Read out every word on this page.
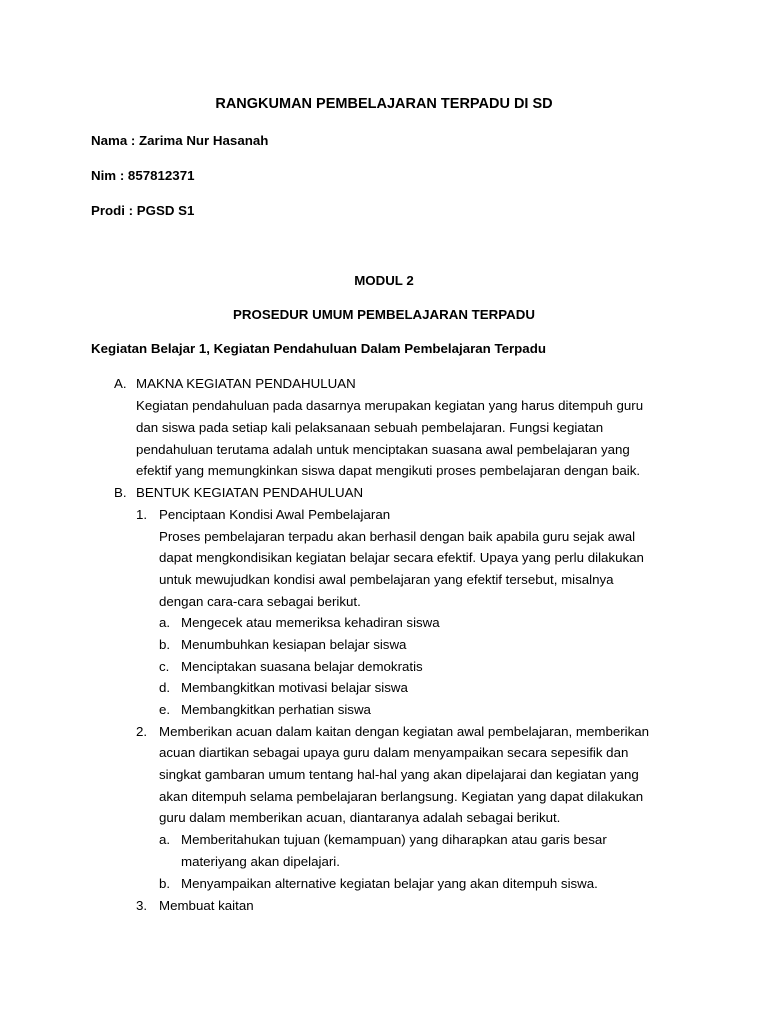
RANGKUMAN PEMBELAJARAN TERPADU DI SD
Nama : Zarima Nur Hasanah
Nim : 857812371
Prodi : PGSD S1
MODUL 2
PROSEDUR UMUM PEMBELAJARAN TERPADU
Kegiatan Belajar 1, Kegiatan Pendahuluan Dalam Pembelajaran Terpadu
A. MAKNA KEGIATAN PENDAHULUAN
Kegiatan pendahuluan pada dasarnya merupakan kegiatan yang harus ditempuh guru
dan siswa pada setiap kali pelaksanaan sebuah pembelajaran. Fungsi kegiatan
pendahuluan terutama adalah untuk menciptakan suasana awal pembelajaran yang
efektif yang memungkinkan siswa dapat mengikuti proses pembelajaran dengan baik.
B. BENTUK KEGIATAN PENDAHULUAN
1. Penciptaan Kondisi Awal Pembelajaran
Proses pembelajaran terpadu akan berhasil dengan baik apabila guru sejak awal
dapat mengkondisikan kegiatan belajar secara efektif. Upaya yang perlu dilakukan
untuk mewujudkan kondisi awal pembelajaran yang efektif tersebut, misalnya
dengan cara-cara sebagai berikut.
a. Mengecek atau memeriksa kehadiran siswa
b. Menumbuhkan kesiapan belajar siswa
c. Menciptakan suasana belajar demokratis
d. Membangkitkan motivasi belajar siswa
e. Membangkitkan perhatian siswa
2. Memberikan acuan dalam kaitan dengan kegiatan awal pembelajaran, memberikan
acuan diartikan sebagai upaya guru dalam menyampaikan secara sepesifik dan
singkat gambaran umum tentang hal-hal yang akan dipelajarai dan kegiatan yang
akan ditempuh selama pembelajaran berlangsung. Kegiatan yang dapat dilakukan
guru dalam memberikan acuan, diantaranya adalah sebagai berikut.
a. Memberitahukan tujuan (kemampuan) yang diharapkan atau garis besar
materiyang akan dipelajari.
b. Menyampaikan alternative kegiatan belajar yang akan ditempuh siswa.
3. Membuat kaitan
